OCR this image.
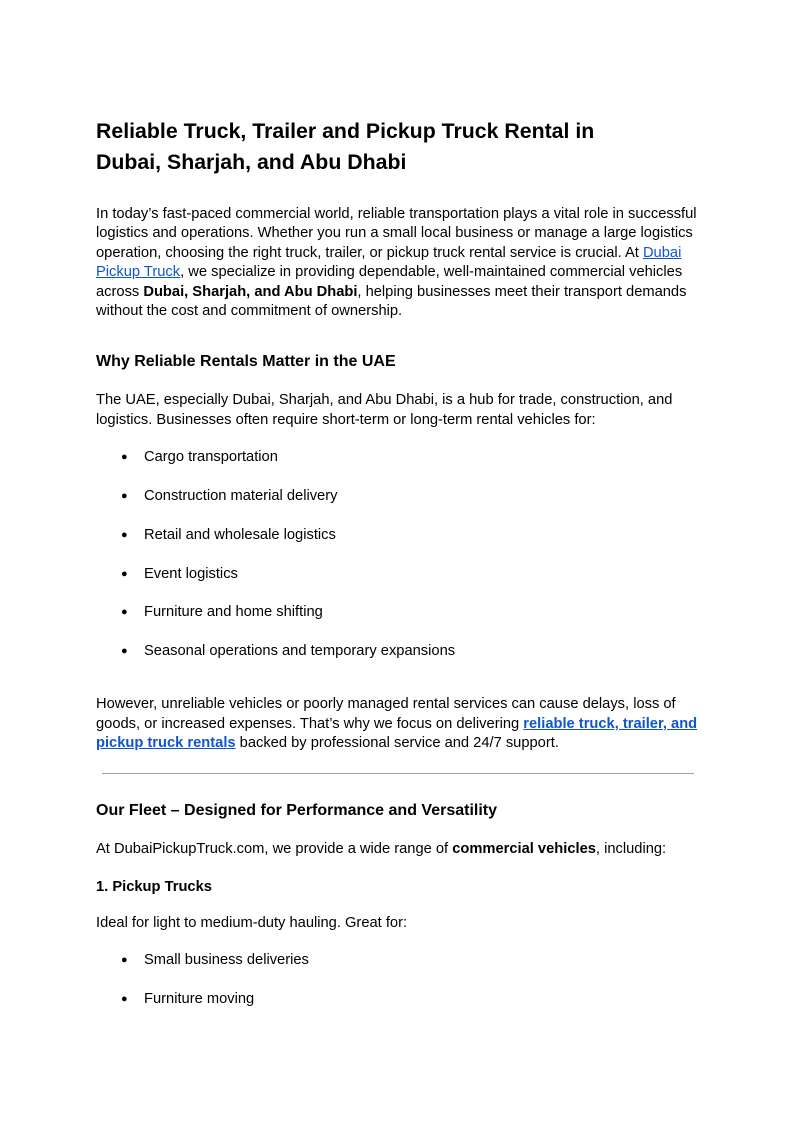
Reliable Truck, Trailer and Pickup Truck Rental in
Dubai, Sharjah, and Abu Dhabi

In today’s fast-paced commercial world, reliable transportation plays a vital role in successful logistics and operations. Whether you run a small local business or manage a large logistics operation, choosing the right truck, trailer, or pickup truck rental service is crucial. At Dubai Pickup Truck, we specialize in providing dependable, well-maintained commercial vehicles across Dubai, Sharjah, and Abu Dhabi, helping businesses meet their transport demands without the cost and commitment of ownership.

Why Reliable Rentals Matter in the UAE

The UAE, especially Dubai, Sharjah, and Abu Dhabi, is a hub for trade, construction, and logistics. Businesses often require short-term or long-term rental vehicles for:

● Cargo transportation
● Construction material delivery
● Retail and wholesale logistics
● Event logistics
● Furniture and home shifting
● Seasonal operations and temporary expansions

However, unreliable vehicles or poorly managed rental services can cause delays, loss of goods, or increased expenses. That’s why we focus on delivering reliable truck, trailer, and pickup truck rentals backed by professional service and 24/7 support.

Our Fleet – Designed for Performance and Versatility

At DubaiPickupTruck.com, we provide a wide range of commercial vehicles, including:

1. Pickup Trucks

Ideal for light to medium-duty hauling. Great for:

● Small business deliveries
● Furniture moving
